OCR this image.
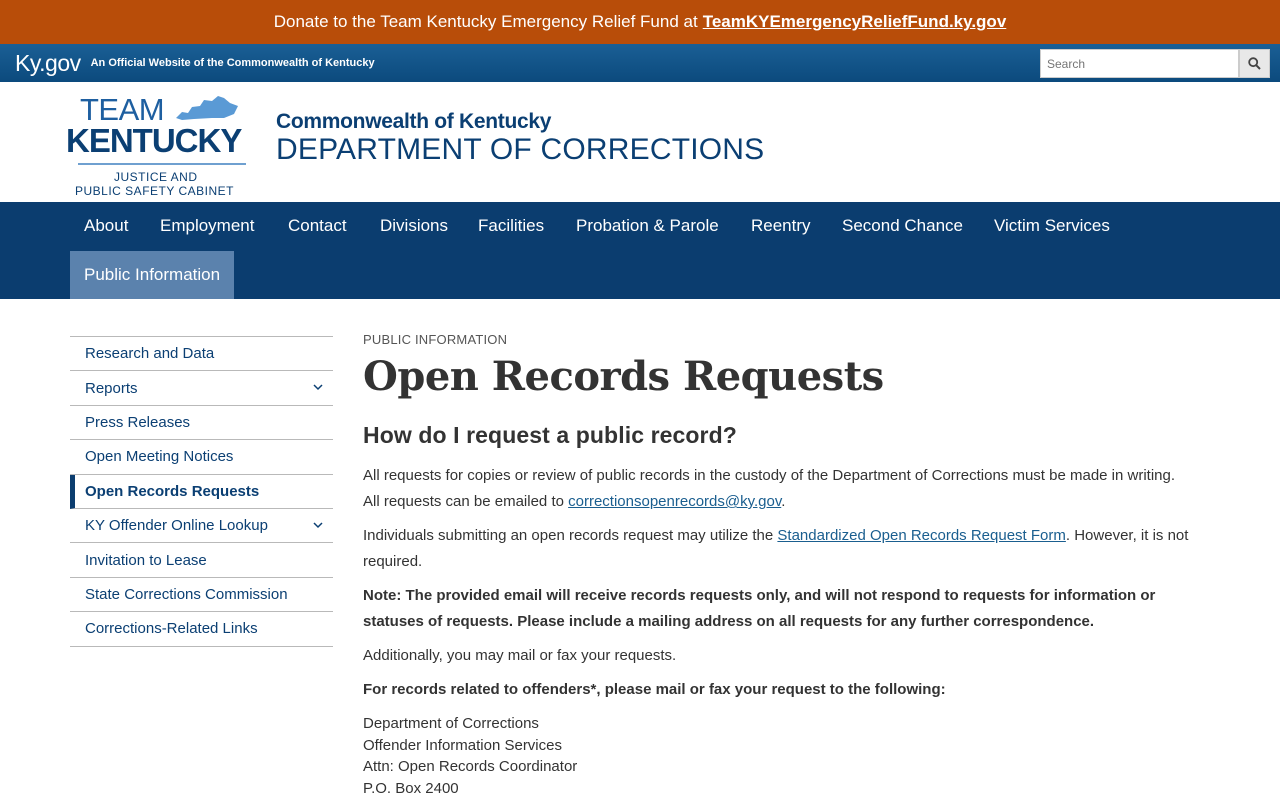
Donate to the Team Kentucky Emergency Relief Fund at TeamKYEmergencyReliefFund.ky.gov
Ky.gov An Official Website of the Commonwealth of Kentucky
Search
TEAM
KENTUCKY
JUSTICE AND
PUBLIC SAFETY CABINET
Commonwealth of Kentucky
DEPARTMENT OF CORRECTIONS
About	Employment	Contact	Divisions	Facilities	Probation & Parole	Reentry	Second Chance	Victim Services
Public Information
Research and Data
Reports
Press Releases
Open Meeting Notices
Open Records Requests
KY Offender Online Lookup
Invitation to Lease
State Corrections Commission
Corrections-Related Links
PUBLIC INFORMATION
Open Records Requests
How do I request a public record?

All requests for copies or review of public records in the custody of the Department of Corrections must be made in writing. All requests can be emailed to correctionsopenrecords@ky.gov.

Individuals submitting an open records request may utilize the Standardized Open Records Request Form. However, it is not required.

Note: The provided email will receive records requests only, and will not respond to requests for information or statuses of requests. Please include a mailing address on all requests for any further correspondence.

Additionally, you may mail or fax your requests.

For records related to offenders*, please mail or fax your request to the following:

Department of Corrections
Offender Information Services
Attn: Open Records Coordinator
P.O. Box 2400
